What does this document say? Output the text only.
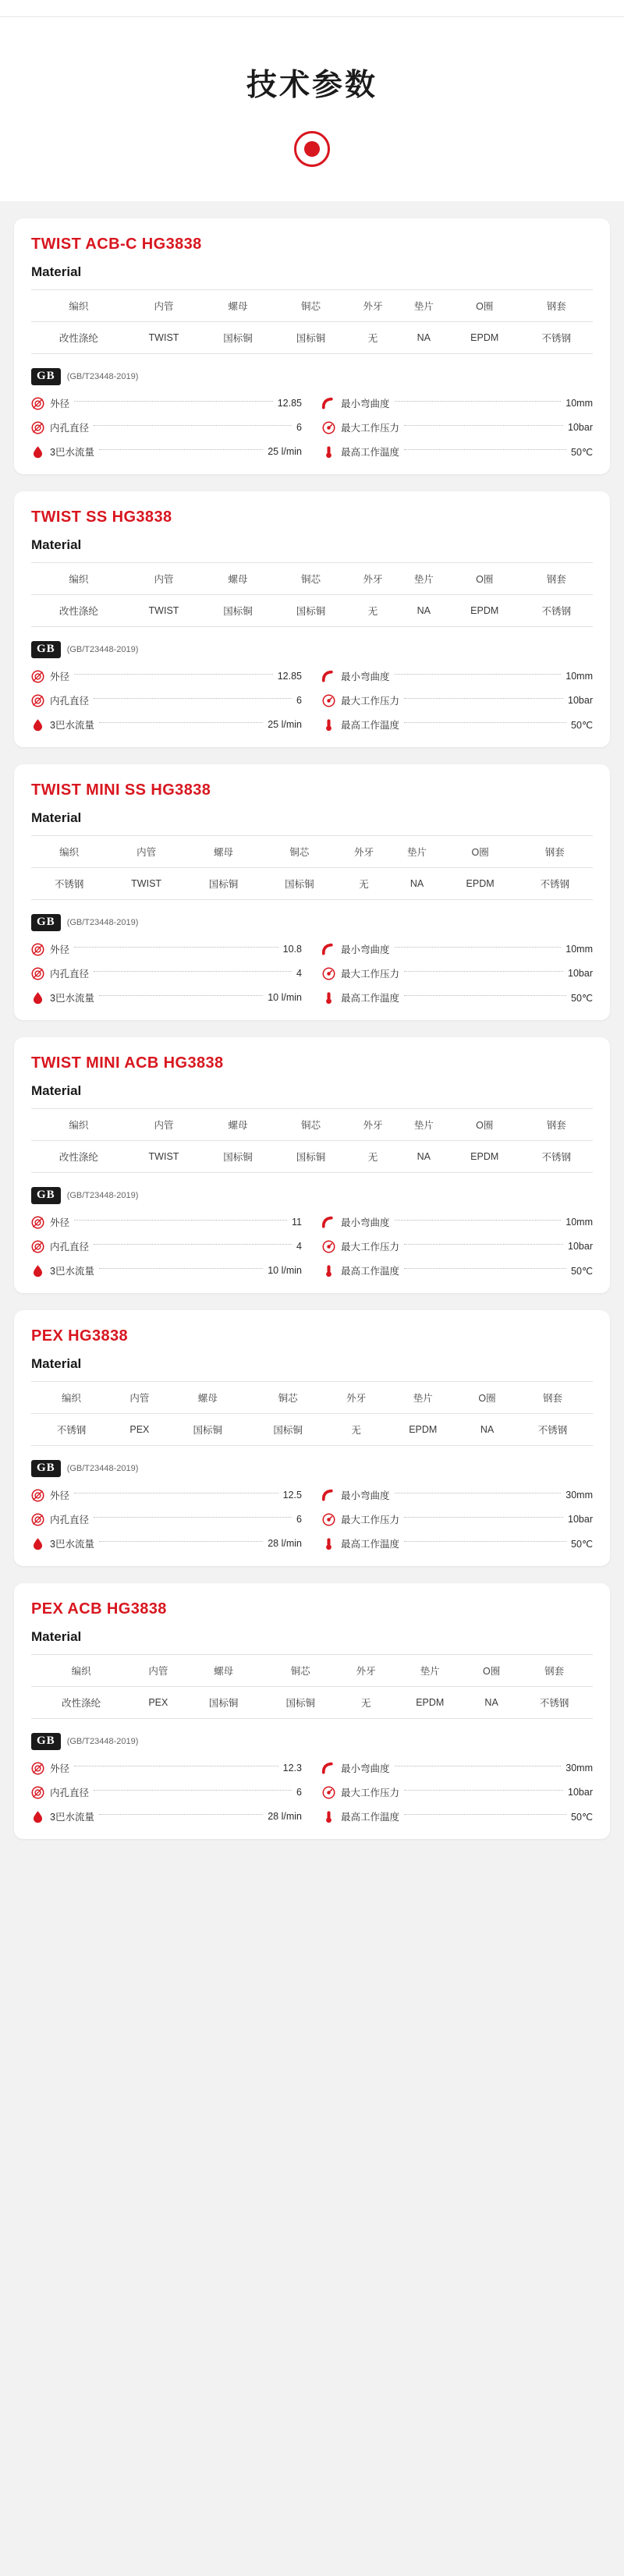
技术参数
TWIST ACB-C HG3838
Material
编织	内管	螺母	铜芯	外牙	垫片	O圈	钢套
改性涤纶	TWIST	国标铜	国标铜	无	NA	EPDM	不锈钢
GB	(GB/T23448-2019)
外径	12.85	最小弯曲度	10mm
内孔直径	6	最大工作压力	10bar
3巴水流量	25 l/min	最高工作温度	50℃
TWIST SS HG3838
Material
编织	内管	螺母	铜芯	外牙	垫片	O圈	钢套
改性涤纶	TWIST	国标铜	国标铜	无	NA	EPDM	不锈钢
GB	(GB/T23448-2019)
外径	12.85	最小弯曲度	10mm
内孔直径	6	最大工作压力	10bar
3巴水流量	25 l/min	最高工作温度	50℃
TWIST MINI SS HG3838
Material
编织	内管	螺母	铜芯	外牙	垫片	O圈	钢套
不锈钢	TWIST	国标铜	国标铜	无	NA	EPDM	不锈钢
GB	(GB/T23448-2019)
外径	10.8	最小弯曲度	10mm
内孔直径	4	最大工作压力	10bar
3巴水流量	10 l/min	最高工作温度	50℃
TWIST MINI ACB HG3838
Material
编织	内管	螺母	铜芯	外牙	垫片	O圈	钢套
改性涤纶	TWIST	国标铜	国标铜	无	NA	EPDM	不锈钢
GB	(GB/T23448-2019)
外径	11	最小弯曲度	10mm
内孔直径	4	最大工作压力	10bar
3巴水流量	10 l/min	最高工作温度	50℃
PEX HG3838
Material
编织	内管	螺母	铜芯	外牙	垫片	O圈	钢套
不锈钢	PEX	国标铜	国标铜	无	EPDM	NA	不锈钢
GB	(GB/T23448-2019)
外径	12.5	最小弯曲度	30mm
内孔直径	6	最大工作压力	10bar
3巴水流量	28 l/min	最高工作温度	50℃
PEX ACB HG3838
Material
编织	内管	螺母	铜芯	外牙	垫片	O圈	钢套
改性涤纶	PEX	国标铜	国标铜	无	EPDM	NA	不锈钢
GB	(GB/T23448-2019)
外径	12.3	最小弯曲度	30mm
内孔直径	6	最大工作压力	10bar
3巴水流量	28 l/min	最高工作温度	50℃
